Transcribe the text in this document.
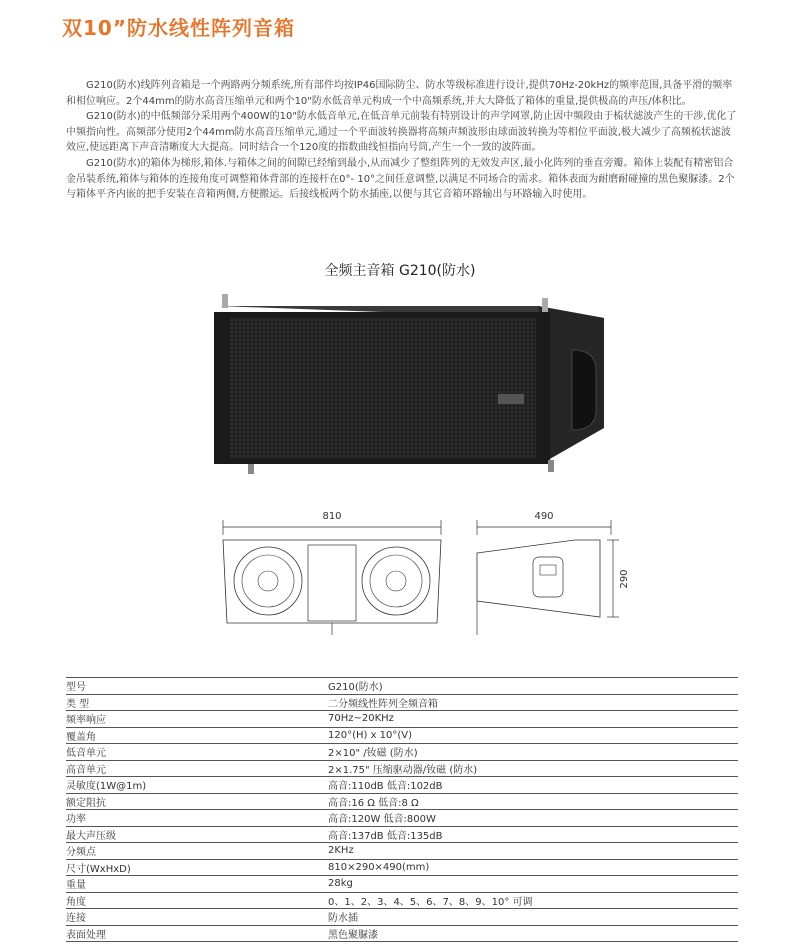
双10”防水线性阵列音箱

G210(防水)线阵列音箱是一个两路两分频系统,所有部件均按IP46国际防尘、防水等级标准进行设计,提供70Hz-20kHz的频率范围,具备平滑的频率和相位响应。2个44mm的防水高音压缩单元和两个10"防水低音单元构成一个中高频系统,并大大降低了箱体的重量,提供极高的声压/体积比。

G210(防水)的中低频部分采用两个400W的10"防水低音单元,在低音单元前装有特别设计的声学网罩,防止因中频段由于梳状滤波产生的干涉,优化了中频指向性。高频部分使用2个44mm防水高音压缩单元,通过一个平面波转换器将高频声频波形由球面波转换为等相位平面波,极大减少了高频梳状滤波效应,使远距离下声音清晰度大大提高。同时结合一个120度的指数曲线恒指向号筒,产生一个一致的波阵面。

G210(防水)的箱体为梯形,箱体.与箱体之间的间隙已经缩到最小,从而减少了整组阵列的无效发声区,最小化阵列的垂直旁瓣。箱体上装配有精密铝合金吊装系统,箱体与箱体的连接角度可调整箱体背部的连接杆在0°- 10°之间任意调整,以满足不同场合的需求。箱体表面为耐磨耐碰撞的黑色聚脲漆。2个与箱体平齐内嵌的把手安装在音箱两侧,方便搬运。后接线板两个防水插座,以便与其它音箱环路输出与环路输入时使用。

全频主音箱 G210(防水)
810	490
290
型号	G210(防水)
类 型	二分频线性阵列全频音箱
频率响应	70Hz~20KHz
覆盖角	120°(H) x 10°(V)
低音单元	2×10" /钕磁 (防水)
高音单元	2×1.75" 压缩驱动器/钕磁 (防水)
灵敏度(1W@1m)	高音:110dB 低音:102dB
额定阻抗	高音:16 Ω 低音:8 Ω
功率	高音:120W 低音:800W
最大声压级	高音:137dB 低音:135dB
分频点	2KHz
尺寸(WxHxD)	810×290×490(mm)
重量	28kg
角度	0、1、2、3、4、5、6、7、8、9、10° 可调
连接	防水插
表面处理	黑色聚脲漆
